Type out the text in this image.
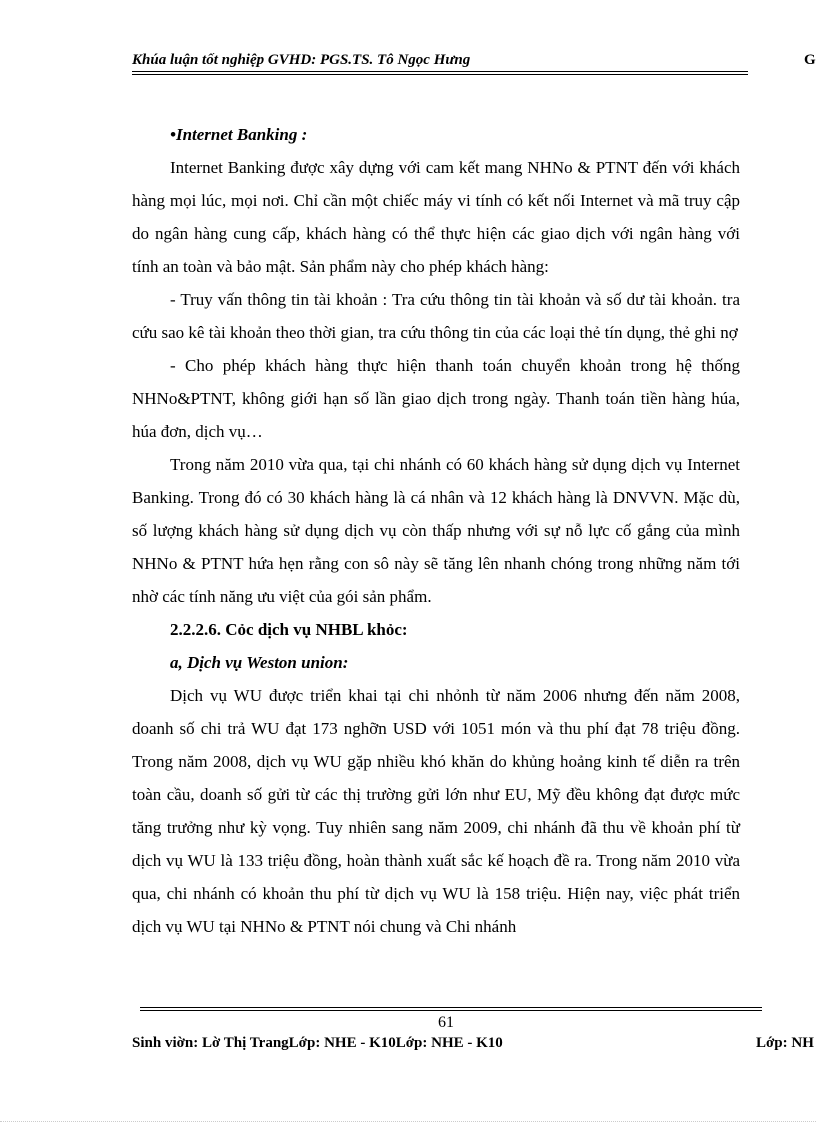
Khúa luận tốt nghiệp GVHD: PGS.TS. Tô Ngọc Hưng	G

•Internet Banking :

Internet Banking được xây dựng với cam kết mang NHNo & PTNT đến với khách hàng mọi lúc, mọi nơi. Chỉ cần một chiếc máy vi tính có kết nối Internet và mã truy cập do ngân hàng cung cấp, khách hàng có thể thực hiện các giao dịch với ngân hàng với tính an toàn và bảo mật. Sản phẩm này cho phép khách hàng:

- Truy vấn thông tin tài khoản : Tra cứu thông tin tài khoản và số dư tài khoản. tra cứu sao kê tài khoản theo thời gian, tra cứu thông tin của các loại thẻ tín dụng, thẻ ghi nợ

- Cho phép khách hàng thực hiện thanh toán chuyển khoản trong hệ thống NHNo&PTNT, không giới hạn số lần giao dịch trong ngày. Thanh toán tiền hàng húa, húa đơn, dịch vụ…

Trong năm 2010 vừa qua, tại chi nhánh có 60 khách hàng sử dụng dịch vụ Internet Banking. Trong đó có 30 khách hàng là cá nhân và 12 khách hàng là DNVVN. Mặc dù, số lượng khách hàng sử dụng dịch vụ còn thấp nhưng với sự nỗ lực cố gắng của mình NHNo & PTNT hứa hẹn rằng con sô này sẽ tăng lên nhanh chóng trong những năm tới nhờ các tính năng ưu việt của gói sản phẩm.

2.2.2.6. Cỏc dịch vụ NHBL khỏc:

a, Dịch vụ Weston union:

Dịch vụ WU được triển khai tại chi nhỏnh từ năm 2006 nhưng đến năm 2008, doanh số chi trả WU đạt 173 nghỡn USD với 1051 món và thu phí đạt 78 triệu đồng. Trong năm 2008, dịch vụ WU gặp nhiều khó khăn do khủng hoảng kinh tế diễn ra trên toàn cầu, doanh số gửi từ các thị trường gửi lớn như EU, Mỹ đều không đạt được mức tăng trưởng như kỳ vọng. Tuy nhiên sang năm 2009, chi nhánh đã thu về khoản phí từ dịch vụ WU là 133 triệu đồng, hoàn thành xuất sắc kế hoạch đề ra. Trong năm 2010 vừa qua, chi nhánh có khoản thu phí từ dịch vụ WU là 158 triệu. Hiện nay, việc phát triển dịch vụ WU tại NHNo & PTNT nói chung và Chi nhánh

61
Sinh viờn: Lờ Thị TrangLớp: NHE - K10Lớp: NHE - K10	Lớp: NH
